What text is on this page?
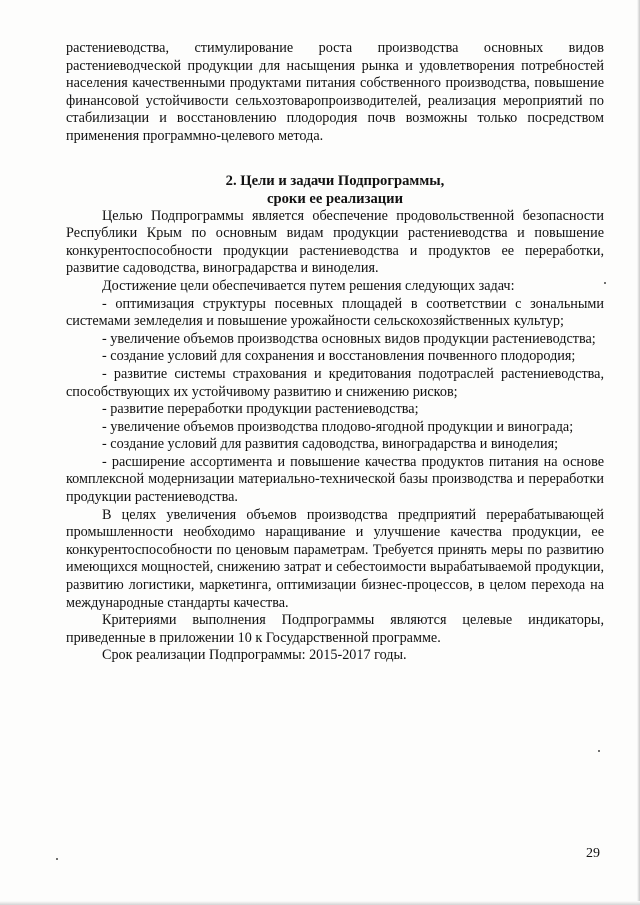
растениеводства, стимулирование роста производства основных видов растениеводческой продукции для насыщения рынка и удовлетворения потребностей населения качественными продуктами питания собственного производства, повышение финансовой устойчивости сельхозтоваропроизводителей, реализация мероприятий по стабилизации и восстановлению плодородия почв возможны только посредством применения программно-целевого метода.

2. Цели и задачи Подпрограммы,
сроки ее реализации

Целью Подпрограммы является обеспечение продовольственной безопасности Республики Крым по основным видам продукции растениеводства и повышение конкурентоспособности продукции растениеводства и продуктов ее переработки, развитие садоводства, виноградарства и виноделия.

Достижение цели обеспечивается путем решения следующих задач:

- оптимизация структуры посевных площадей в соответствии с зональными системами земледелия и повышение урожайности сельскохозяйственных культур;

- увеличение объемов производства основных видов продукции растениеводства;

- создание условий для сохранения и восстановления почвенного плодородия;

- развитие системы страхования и кредитования подотраслей растениеводства, способствующих их устойчивому развитию и снижению рисков;

- развитие переработки продукции растениеводства;

- увеличение объемов производства плодово-ягодной продукции и винограда;

- создание условий для развития садоводства, виноградарства и виноделия;

- расширение ассортимента и повышение качества продуктов питания на основе комплексной модернизации материально-технической базы производства и переработки продукции растениеводства.

В целях увеличения объемов производства предприятий перерабатывающей промышленности необходимо наращивание и улучшение качества продукции, ее конкурентоспособности по ценовым параметрам. Требуется принять меры по развитию имеющихся мощностей, снижению затрат и себестоимости вырабатываемой продукции, развитию логистики, маркетинга, оптимизации бизнес-процессов, в целом перехода на международные стандарты качества.

Критериями выполнения Подпрограммы являются целевые индикаторы, приведенные в приложении 10 к Государственной программе.

Срок реализации Подпрограммы: 2015-2017 годы.

29
